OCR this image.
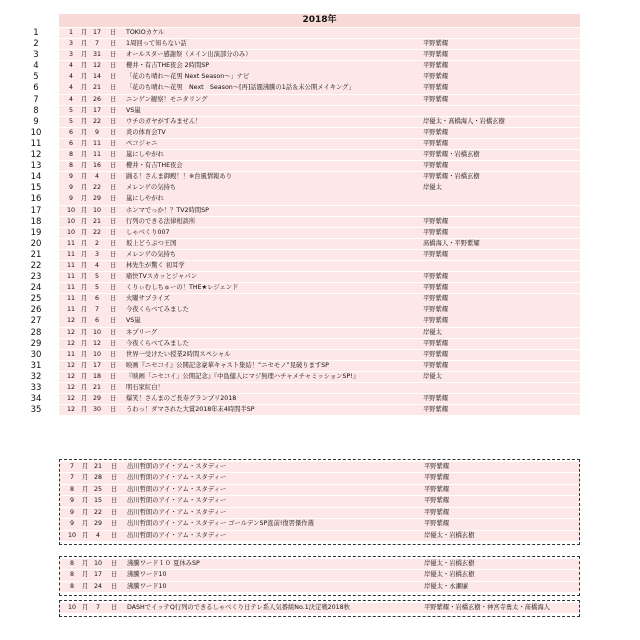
2018年
1	1	月 17	日 TOKIOカケル
2	3	月	7	日 1周回って知らない話	平野紫耀
3	3	月 31	日 オールスター感謝祭（メイン出演部分のみ）	平野紫耀
4	4	月 12	日 櫻井・有吉THE夜会 2時間SP	平野紫耀
5	4	月 14	日 「花のち晴れ〜花男 Next Season〜」ナビ	平野紫耀
6	4	月 21	日 「花のち晴れ〜花男　Next　Season〜[再]話題沸騰の1話＆未公開メイキング」	平野紫耀
7	4	月 26	日 ニンゲン観察！モニタリング	平野紫耀
8	5	月 17	日 VS嵐
9	5	月 22	日 ウチのガヤがすみません！	岸優太・髙橋海人・岩橋玄樹
10	6	月	9	日 炎の体育会TV	平野紫耀
11	6	月 11	日 ペコジャニ	平野紫耀
12	8	月 11	日 嵐にしやがれ	平野紫耀・岩橋玄樹
13	8	月 16	日 櫻井・有吉THE夜会	平野紫耀
14	9	月	4	日 踊る！さんま御殿！！※台風情報あり	平野紫耀・岩橋玄樹
15	9	月 22	日 メレンゲの気持ち	岸優太
16	9	月 29	日 嵐にしやがれ
17	10 月 10	日 ホンマでっか！？TV2時間SP
18	10 月 21	日 行列のできる法律相談所	平野紫耀
19	10 月 22	日 しゃべくり007	平野紫耀
20	11 月	2	日 坂上どうぶつ王国	髙橋海人・平野紫耀
21	11 月	3	日 メレンゲの気持ち	平野紫耀
22	11 月	4	日 林先生が驚く 初耳学
23	11 月	5	日 痛快TVスカッとジャパン	平野紫耀
24	11 月	5	日 くりぃむしちゅーの！THE★レジェンド	平野紫耀
25	11 月	6	日 火曜サプライズ	平野紫耀
26	11 月	7	日 今夜くらべてみました	平野紫耀
27	12 月	6	日 VS嵐	平野紫耀
28	12 月 10	日 ネプリーグ	岸優太
29	12 月 12	日 今夜くらべてみました	平野紫耀
30	11 月 10	日 世界一受けたい授業2時間スペシャル	平野紫耀
31	12 月 17	日 映画『ニセコイ』公開記念豪華キャスト集結！“ニセモノ”見破りますSP	平野紫耀
32	12 月 18	日 『映画「ニセコイ」公開記念』『中島健人にマジ無理ハチャメチャミッションSP!』	岸優太
33	12 月 21	日 明石家紅白！
34	12 月 29	日 爆笑！さんまのご長寿グランプリ2018	平野紫耀
35	12 月 30	日 うわっ！ダマされた大賞2018年末4時間半SP	平野紫耀
7	月 21	日 出川哲朗のアイ・アム・スタディー	平野紫耀
7	月 28	日 出川哲朗のアイ・アム・スタディー	平野紫耀
8	月 25	日 出川哲朗のアイ・アム・スタディー	平野紫耀
9	月 15	日 出川哲朗のアイ・アム・スタディー	平野紫耀
9	月 22	日 出川哲朗のアイ・アム・スタディー	平野紫耀
9	月 29	日 出川哲朗のアイ・アム・スタディー ゴールデンSP直前!復習傑作選	平野紫耀
10 月	4	日 出川哲朗のアイ・アム・スタディー	岸優太・岩橋玄樹
8	月 10	日 沸騰ワード１０ 夏休みSP	岸優太・岩橋玄樹
8	月 17	日 沸騰ワード10	岸優太・岩橋玄樹
8	月 24	日 沸騰ワード10	岸優太・永瀬廉
10 月	7	日 DASHでイッテQ行列のできるしゃべくり日テレ系人気番組No.1決定戦2018秋	平野紫耀・岩橋玄樹・神宮寺勇太・髙橋海人
